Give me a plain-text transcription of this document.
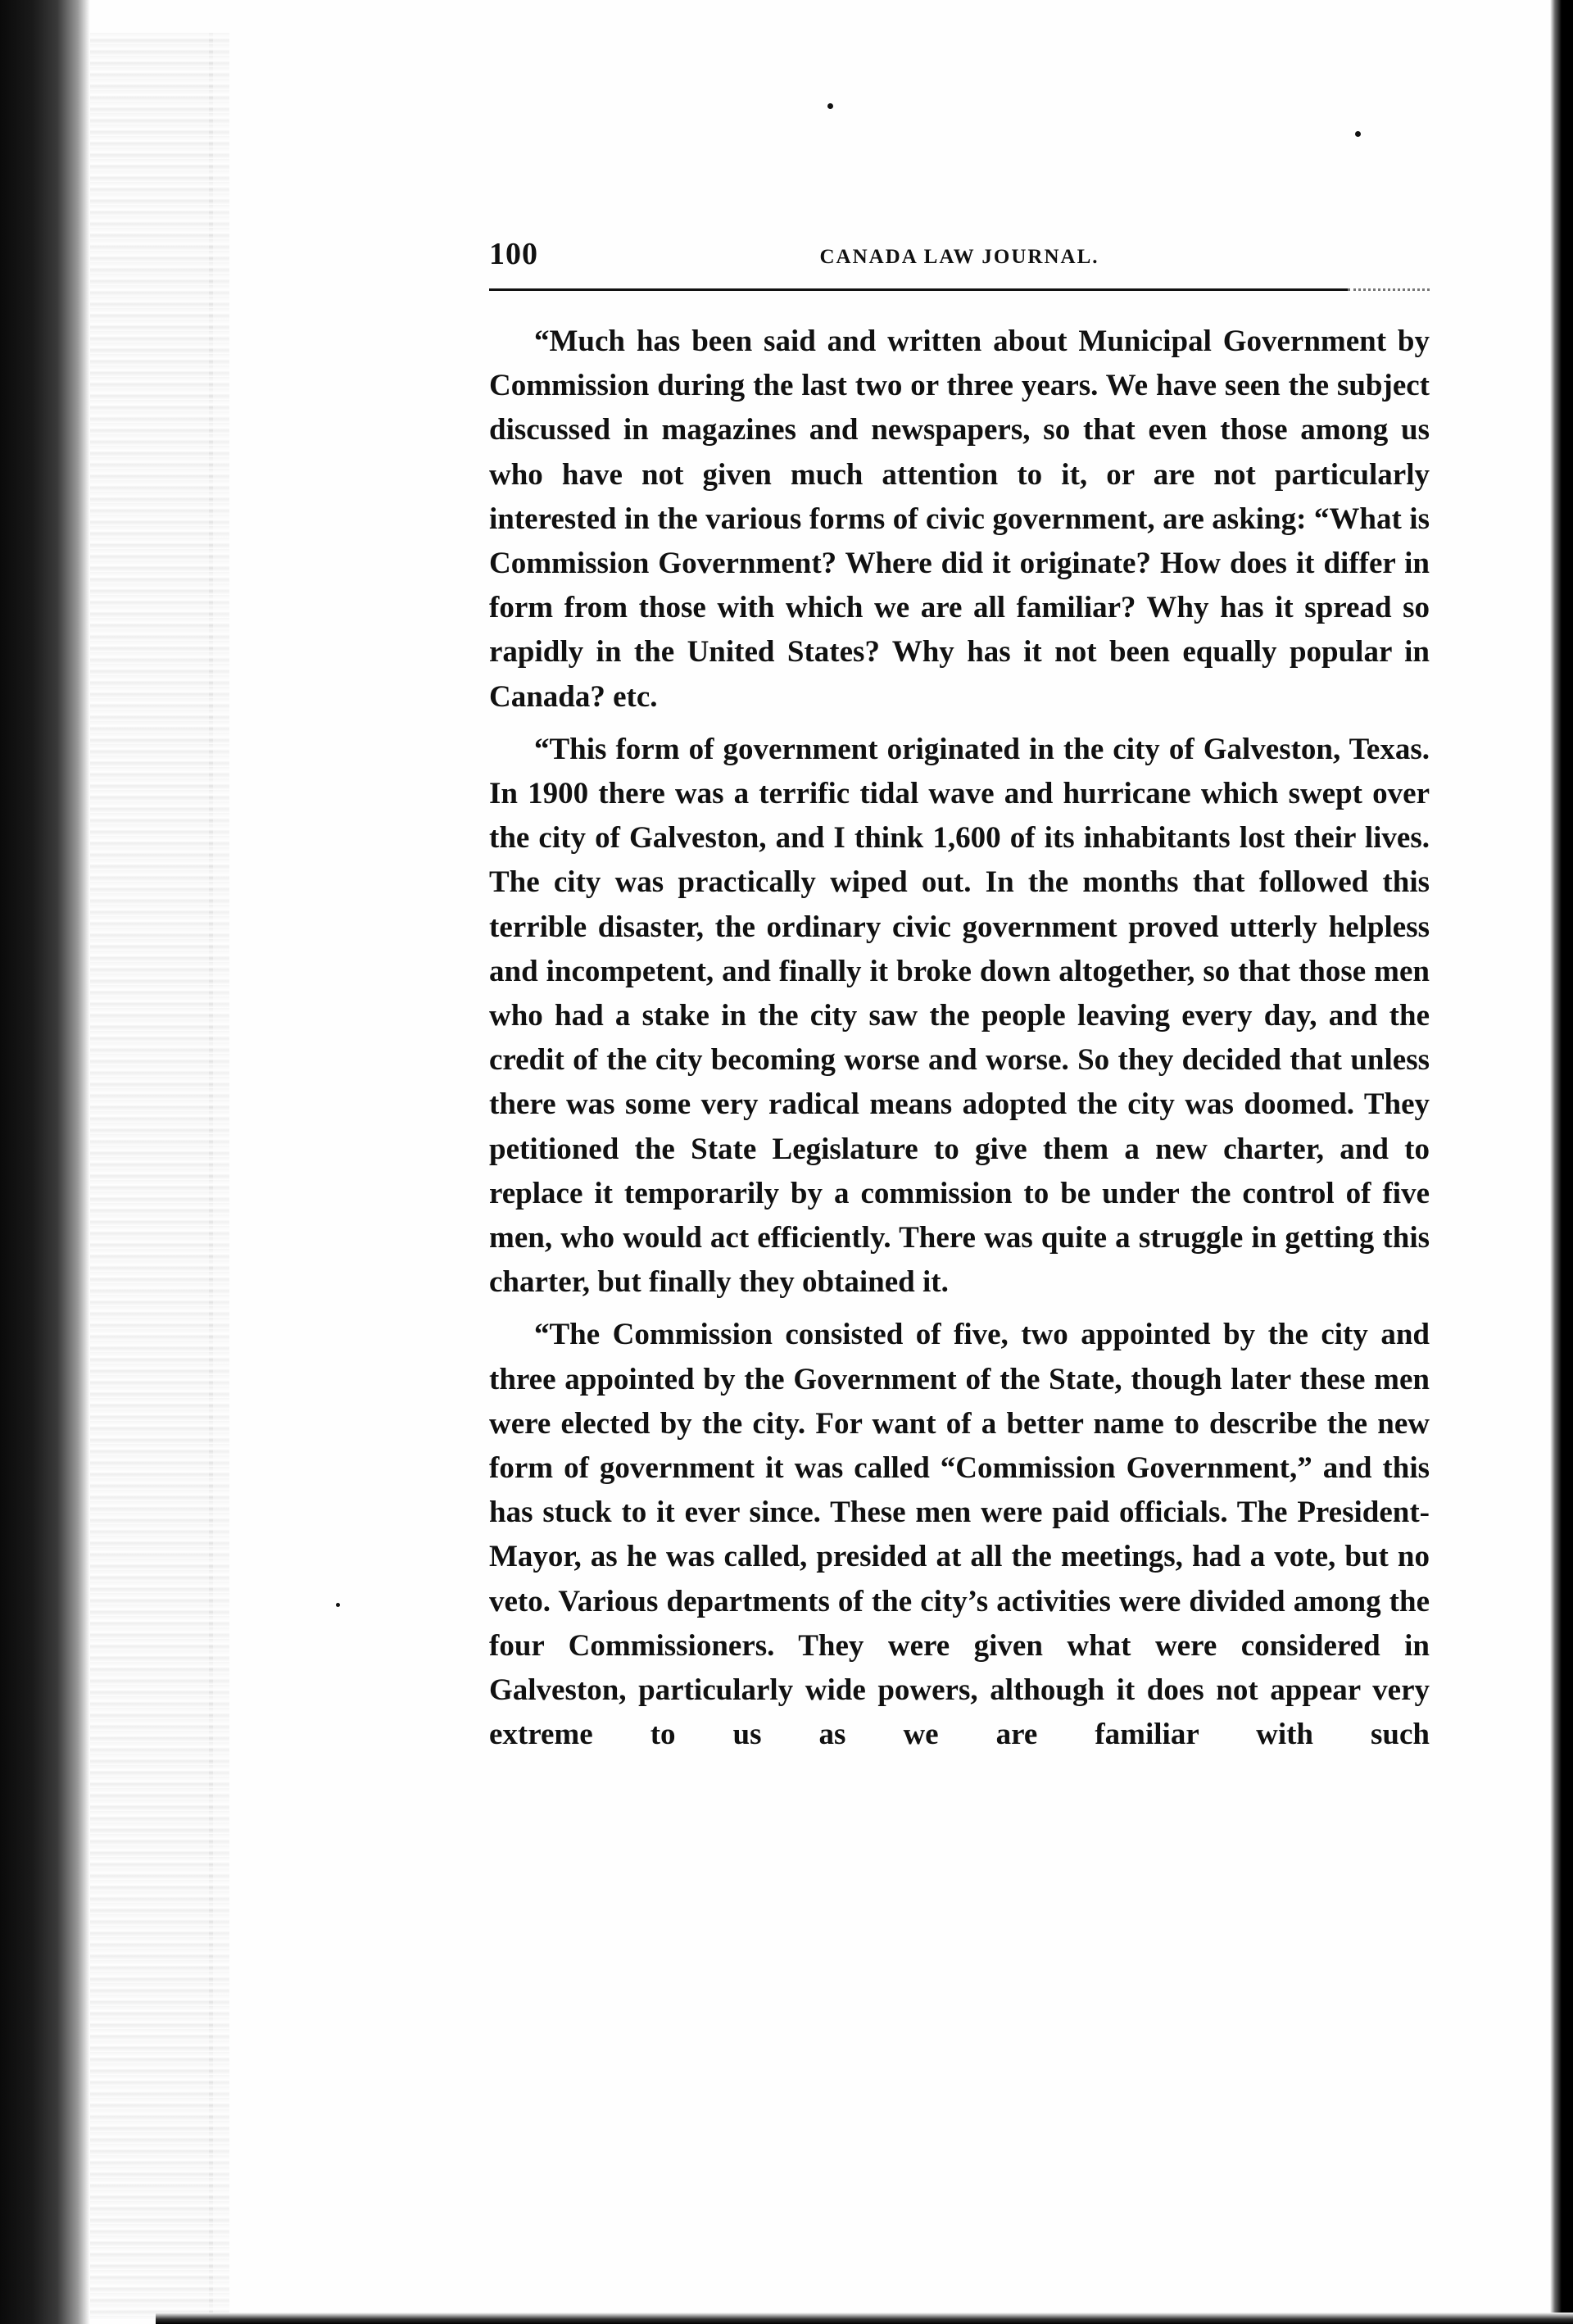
100	CANADA LAW JOURNAL.

“Much has been said and written about Municipal Government by Commission during the last two or three years. We have seen the subject discussed in magazines and newspapers, so that even those among us who have not given much attention to it, or are not particularly interested in the various forms of civic government, are asking: “What is Commission Government? Where did it originate? How does it differ in form from those with which we are all familiar? Why has it spread so rapidly in the United States? Why has it not been equally popular in Canada? etc.

“This form of government originated in the city of Galveston, Texas. In 1900 there was a terrific tidal wave and hurricane which swept over the city of Galveston, and I think 1,600 of its inhabitants lost their lives. The city was practically wiped out. In the months that followed this terrible disaster, the ordinary civic government proved utterly helpless and incompetent, and finally it broke down altogether, so that those men who had a stake in the city saw the people leaving every day, and the credit of the city becoming worse and worse. So they decided that unless there was some very radical means adopted the city was doomed. They petitioned the State Legislature to give them a new charter, and to replace it temporarily by a commission to be under the control of five men, who would act efficiently. There was quite a struggle in getting this charter, but finally they obtained it.

“The Commission consisted of five, two appointed by the city and three appointed by the Government of the State, though later these men were elected by the city. For want of a better name to describe the new form of government it was called “Commission Government,” and this has stuck to it ever since. These men were paid officials. The President-Mayor, as he was called, presided at all the meetings, had a vote, but no veto. Various departments of the city’s activities were divided among the four Commissioners. They were given what were considered in Galveston, particularly wide powers, although it does not appear very extreme to us as we are familiar with such
